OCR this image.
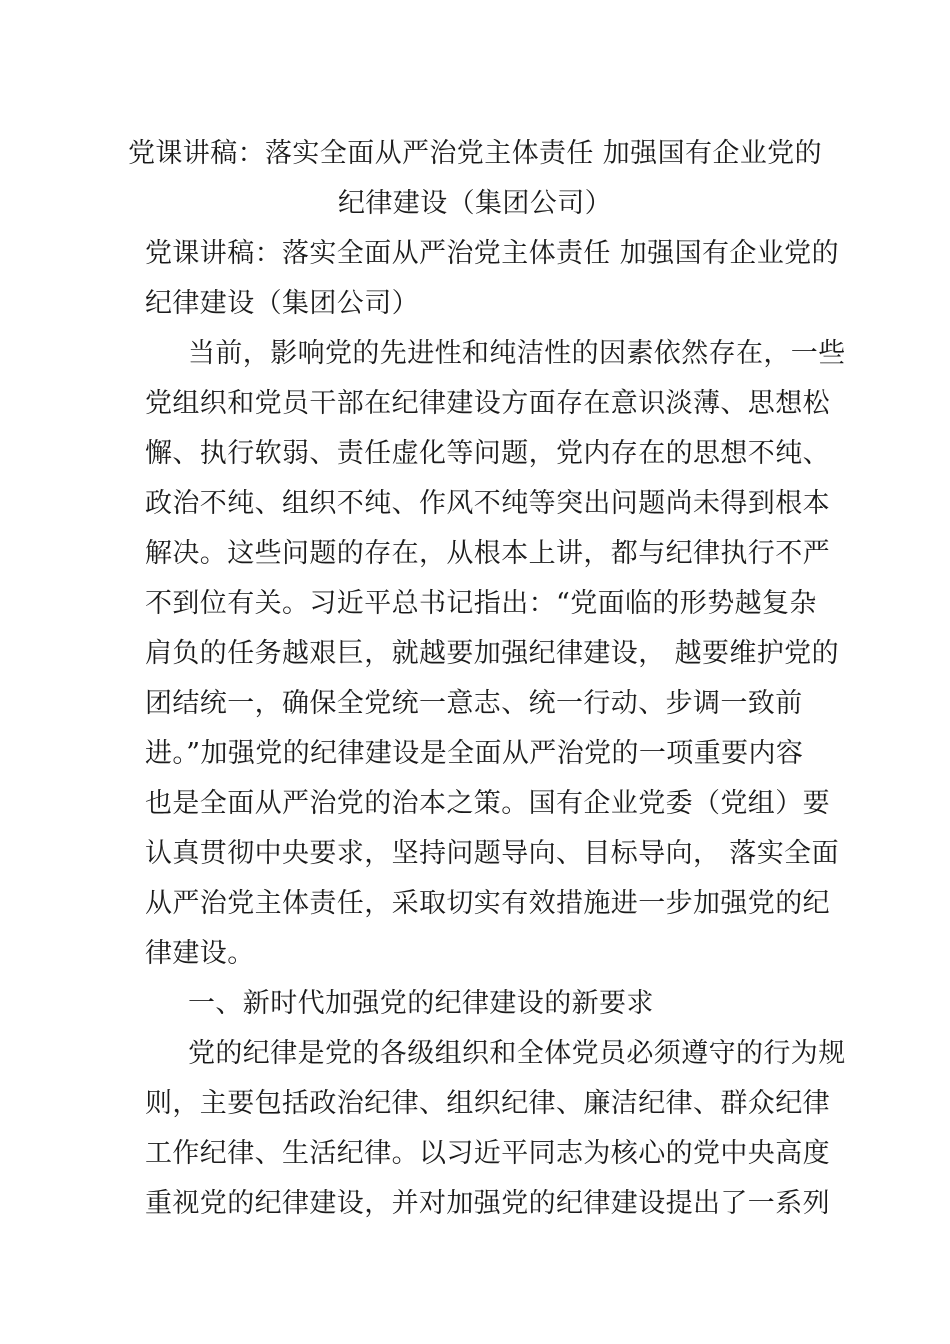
党课讲稿：落实全面从严治党主体责任 加强国有企业党的
纪律建设（集团公司）
党课讲稿：落实全面从严治党主体责任 加强国有企业党的
纪律建设（集团公司）
当前，影响党的先进性和纯洁性的因素依然存在，一些
党组织和党员干部在纪律建设方面存在意识淡薄、思想松
懈、执行软弱、责任虚化等问题，党内存在的思想不纯、
政治不纯、组织不纯、作风不纯等突出问题尚未得到根本
解决。这些问题的存在，从根本上讲，都与纪律执行不严
不到位有关。习近平总书记指出：“党面临的形势越复杂
肩负的任务越艰巨，就越要加强纪律建设， 越要维护党的
团结统一，确保全党统一意志、统一行动、步调一致前
进。”加强党的纪律建设是全面从严治党的一项重要内容
也是全面从严治党的治本之策。国有企业党委（党组）要
认真贯彻中央要求，坚持问题导向、目标导向， 落实全面
从严治党主体责任，采取切实有效措施进一步加强党的纪
律建设。
一、新时代加强党的纪律建设的新要求
党的纪律是党的各级组织和全体党员必须遵守的行为规
则，主要包括政治纪律、组织纪律、廉洁纪律、群众纪律
工作纪律、生活纪律。以习近平同志为核心的党中央高度
重视党的纪律建设，并对加强党的纪律建设提出了一系列
